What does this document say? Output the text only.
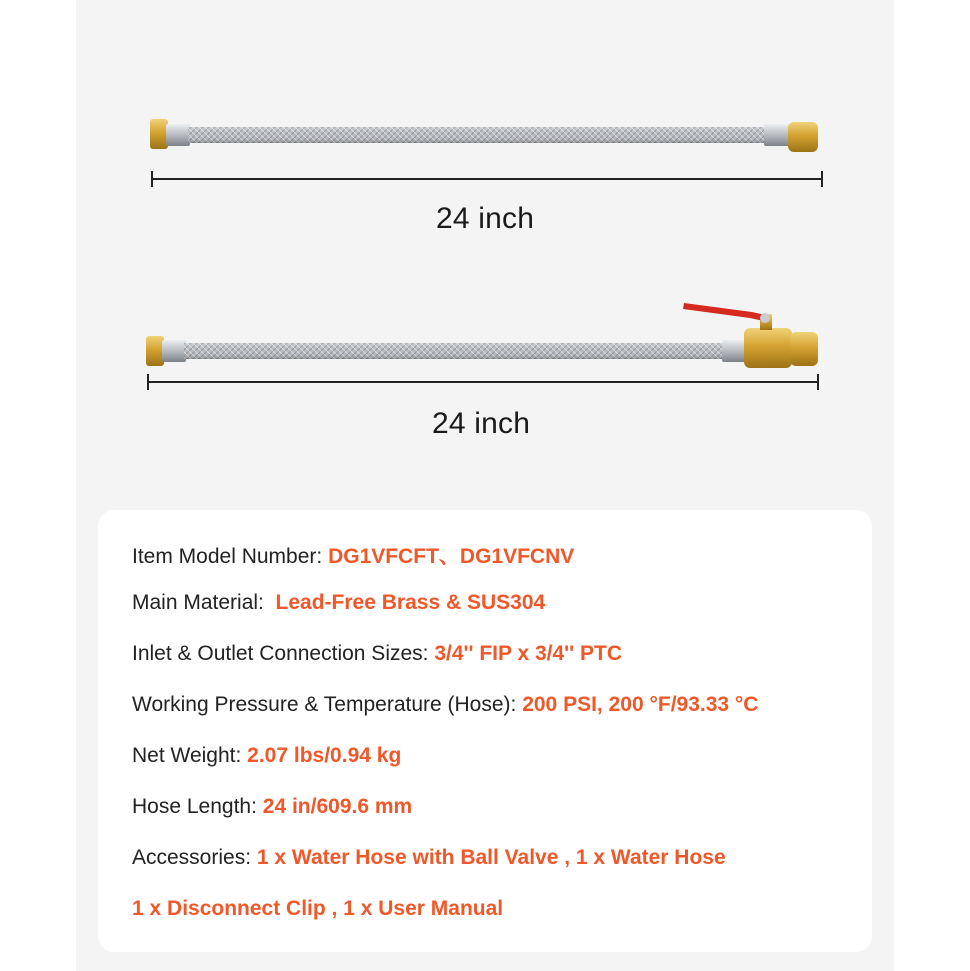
24 inch
24 inch
Item Model Number: DG1VFCFT、DG1VFCNV
Main Material:  Lead-Free Brass & SUS304
Inlet & Outlet Connection Sizes: 3/4'' FIP x 3/4'' PTC
Working Pressure & Temperature (Hose): 200 PSI, 200 °F/93.33 °C
Net Weight: 2.07 lbs/0.94 kg
Hose Length: 24 in/609.6 mm
Accessories: 1 x Water Hose with Ball Valve , 1 x Water Hose
1 x Disconnect Clip , 1 x User Manual
